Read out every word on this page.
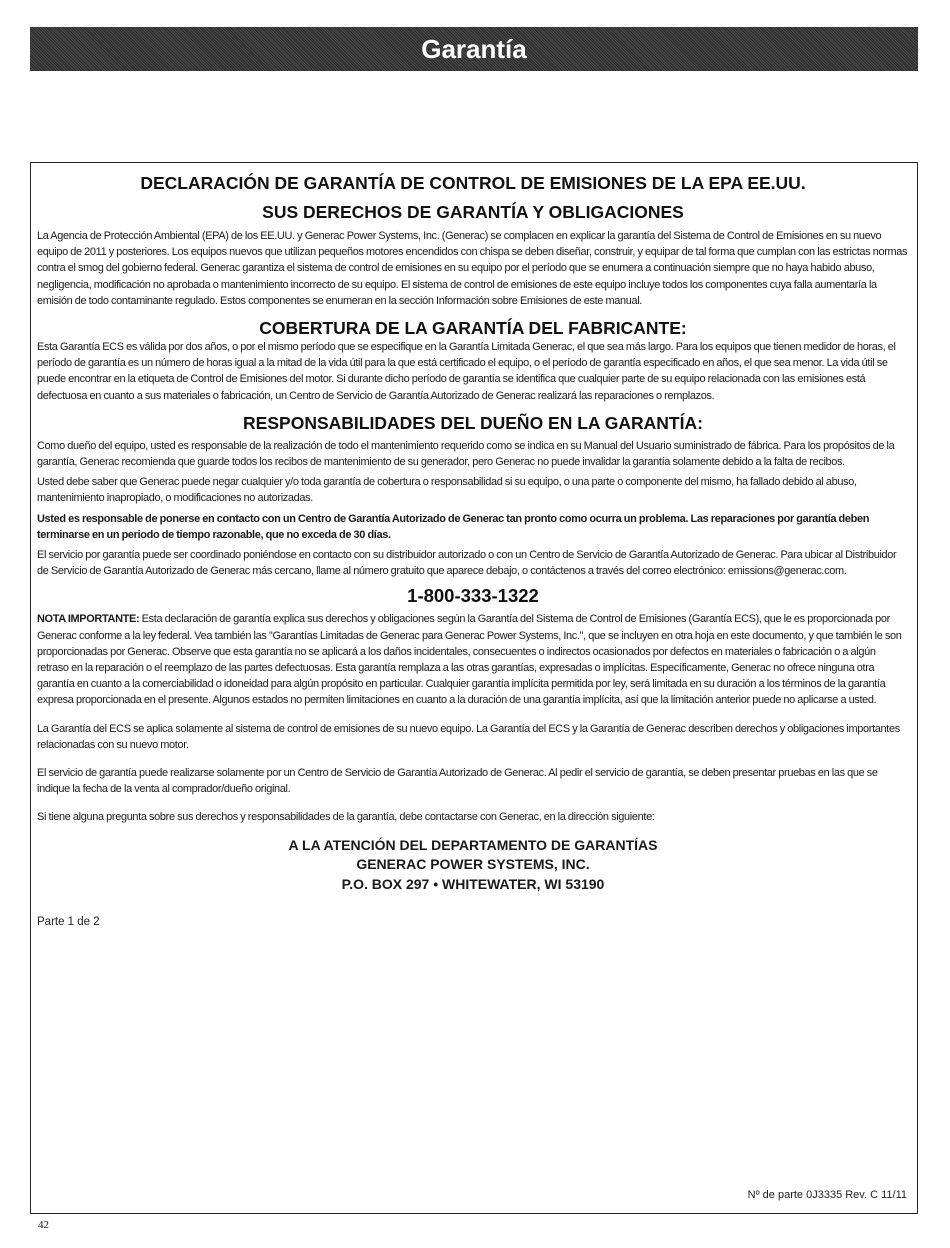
Garantía
DECLARACIÓN DE GARANTÍA DE CONTROL DE EMISIONES DE LA EPA EE.UU.
SUS DERECHOS DE GARANTÍA Y OBLIGACIONES

La Agencia de Protección Ambiental (EPA) de los EE.UU. y Generac Power Systems, Inc. (Generac) se complacen en explicar la garantía del Sistema de Control de Emisiones en su nuevo equipo de 2011 y posteriores. Los equipos nuevos que utilizan pequeños motores encendidos con chispa se deben diseñar, construir, y equipar de tal forma que cumplan con las estrictas normas contra el smog del gobierno federal. Generac garantiza el sistema de control de emisiones en su equipo por el período que se enumera a continuación siempre que no haya habido abuso, negligencia, modificación no aprobada o mantenimiento incorrecto de su equipo. El sistema de control de emisiones de este equipo incluye todos los componentes cuya falla aumentaría la emisión de todo contaminante regulado. Estos componentes se enumeran en la sección Información sobre Emisiones de este manual.

COBERTURA DE LA GARANTÍA DEL FABRICANTE:

Esta Garantía ECS es válida por dos años, o por el mismo período que se especifique en la Garantía Limitada Generac, el que sea más largo. Para los equipos que tienen medidor de horas, el período de garantía es un número de horas igual a la mitad de la vida útil para la que está certificado el equipo, o el período de garantía especificado en años, el que sea menor. La vida útil se puede encontrar en la etiqueta de Control de Emisiones del motor. Si durante dicho período de garantía se identifica que cualquier parte de su equipo relacionada con las emisiones está defectuosa en cuanto a sus materiales o fabricación, un Centro de Servicio de Garantía Autorizado de Generac realizará las reparaciones o remplazos.

RESPONSABILIDADES DEL DUEÑO EN LA GARANTÍA:

Como dueño del equipo, usted es responsable de la realización de todo el mantenimiento requerido como se indica en su Manual del Usuario suministrado de fábrica. Para los propósitos de la garantía, Generac recomienda que guarde todos los recibos de mantenimiento de su generador, pero Generac no puede invalidar la garantía solamente debido a la falta de recibos.

Usted debe saber que Generac puede negar cualquier y/o toda garantía de cobertura o responsabilidad si su equipo, o una parte o componente del mismo, ha fallado debido al abuso, mantenimiento inapropiado, o modificaciones no autorizadas.

Usted es responsable de ponerse en contacto con un Centro de Garantía Autorizado de Generac tan pronto como ocurra un problema. Las reparaciones por garantía deben terminarse en un periodo de tiempo razonable, que no exceda de 30 días.

El servicio por garantía puede ser coordinado poniéndose en contacto con su distribuidor autorizado o con un Centro de Servicio de Garantía Autorizado de Generac. Para ubicar al Distribuidor de Servicio de Garantía Autorizado de Generac más cercano, llame al número gratuito que aparece debajo, o contáctenos a través del correo electrónico: emissions@generac.com.

1-800-333-1322

NOTA IMPORTANTE: Esta declaración de garantía explica sus derechos y obligaciones según la Garantía del Sistema de Control de Emisiones (Garantía ECS), que le es proporcionada por Generac conforme a la ley federal. Vea también las "Garantías Limitadas de Generac para Generac Power Systems, Inc.", que se incluyen en otra hoja en este documento, y que también le son proporcionadas por Generac. Observe que esta garantía no se aplicará a los daños incidentales, consecuentes o indirectos ocasionados por defectos en materiales o fabricación o a algún retraso en la reparación o el reemplazo de las partes defectuosas. Esta garantía remplaza a las otras garantías, expresadas o implícitas. Específicamente, Generac no ofrece ninguna otra garantía en cuanto a la comerciabilidad o idoneidad para algún propósito en particular. Cualquier garantía implícita permitida por ley, será limitada en su duración a los términos de la garantía expresa proporcionada en el presente. Algunos estados no permiten limitaciones en cuanto a la duración de una garantía implícita, así que la limitación anterior puede no aplicarse a usted.

La Garantía del ECS se aplica solamente al sistema de control de emisiones de su nuevo equipo. La Garantía del ECS y la Garantía de Generac describen derechos y obligaciones importantes relacionadas con su nuevo motor.

El servicio de garantía puede realizarse solamente por un Centro de Servicio de Garantía Autorizado de Generac. Al pedir el servicio de garantía, se deben presentar pruebas en las que se indique la fecha de la venta al comprador/dueño original.

Si tiene alguna pregunta sobre sus derechos y responsabilidades de la garantía, debe contactarse con Generac, en la dirección siguiente:

A LA ATENCIÓN DEL DEPARTAMENTO DE GARANTÍAS
GENERAC POWER SYSTEMS, INC.
P.O. BOX 297 • WHITEWATER, WI 53190
Parte 1 de 2
Nº de parte 0J3335 Rev. C 11/11
42
